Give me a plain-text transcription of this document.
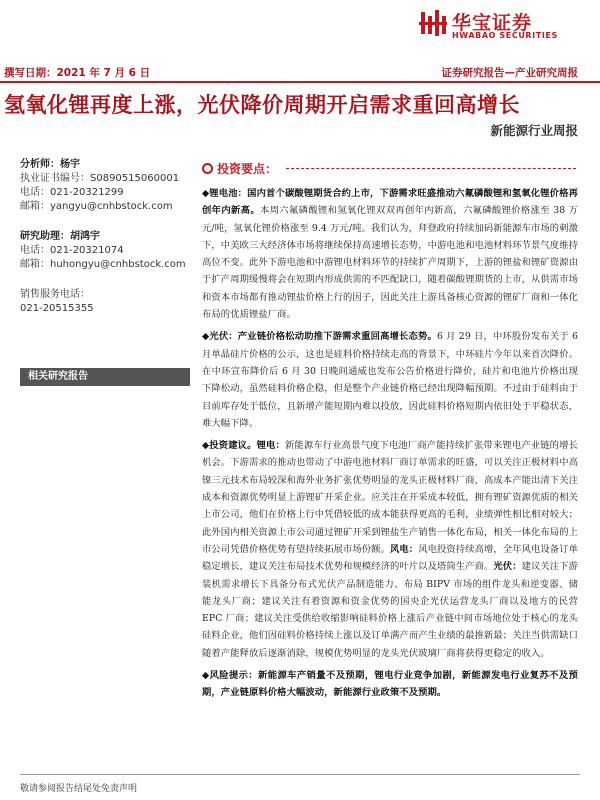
华宝证券
HWABAO SECURITIES
撰写日期：2021 年 7 月 6 日	证券研究报告—产业研究周报
氢氧化锂再度上涨，光伏降价周期开启需求重回高增长
新能源行业周报
分析师：杨宇
执业证书编号：S0890515060001
电话：021-20321299
邮箱：yangyu@cnhbstock.com
研究助理：胡鸿宇
电话：021-20321074
邮箱：huhongyu@cnhbstock.com
销售服务电话：
021-20515355
相关研究报告
投资要点：

◆锂电池：国内首个碳酸锂期货合约上市，下游需求旺盛推动六氟磷酸锂和氢氧化锂价格再创年内新高。本周六氟磷酸锂和氢氧化锂双双再创年内新高，六氟磷酸锂价格涨至 38 万元/吨，氢氧化锂价格涨至 9.4 万元/吨。我们认为，拜登政府持续加码新能源车市场的刺激下，中美欧三大经济体市场将继续保持高速增长态势，中游电池和电池材料环节景气度维持高位不变。此外下游电池和中游锂电材料环节的持续扩产周期下，上游的锂盐和锂矿资源由于扩产周期缓慢将会在短期内形成供需的不匹配缺口，随着碳酸锂期货的上市，从供需市场和资本市场都有推动锂盐价格上行的因子，因此关注上游具备核心资源的锂矿厂商和一体化布局的优质锂盐厂商。

◆光伏：产业链价格松动助推下游需求重回高增长态势。6 月 29 日，中环股份发布关于 6 月单晶硅片价格的公示，这也是硅料价格持续走高的背景下，中环硅片今年以来首次降价。在中环宣布降价后 6 月 30 日晚间通威也发布公告价格进行降价，硅片和电池片价格出现下降松动，虽然硅料价格企稳，但是整个产业链价格已经出现降幅预期。不过由于硅料由于目前库存处于低位，且新增产能短期内难以投放，因此硅料价格短期内依旧处于平稳状态，难大幅下降。

◆投资建议。锂电：新能源车行业高景气度下电池厂商产能持续扩张带来锂电产业链的增长机会。下游需求的推动也带动了中游电池材料厂商订单需求的旺盛，可以关注正极材料中高镍三元技术布局较深和海外业务扩张优势明显的龙头正极材料厂商，高成本产能出清下关注成本和资源优势明显上游锂矿开采企业。应关注在开采成本较低，拥有锂矿资源优质的相关上市公司，他们在价格上行中凭借较低的成本能获得更高的毛利，业绩弹性相比相对较大；此外国内相关资源上市公司通过锂矿开采到锂盐生产销售一体化布局，相关一体化布局的上市公司凭借价格优势有望持续拓展市场份额。风电：风电投资持续高增，全年风电设备订单稳定增长，建议关注布局技术优势和规模经济的叶片以及塔筒生产商。光伏：建议关注下游装机需求增长下具备分布式光伏产品制造能力、布局 BIPV 市场的组件龙头和逆变器、储能龙头厂商；建议关注有着资源和资金优势的国央企光伏运营龙头厂商以及地方的民营 EPC 厂商；建议关注受供给收缩影响硅料价格上涨后产业链中间市场地位处于核心的龙头硅料企业，他们因硅料价格持续上涨以及订单满产而产生业绩的最推新最；关注当供需缺口随着产能释放后逐渐消除，规模优势明显的龙头光伏玻璃厂商将获得更稳定的收入。

◆风险提示：新能源车产销量不及预期，锂电行业竞争加剧，新能源发电行业复苏不及预期，产业链原料价格大幅波动，新能源行业政策不及预期。

敬请参阅报告结尾处免责声明
